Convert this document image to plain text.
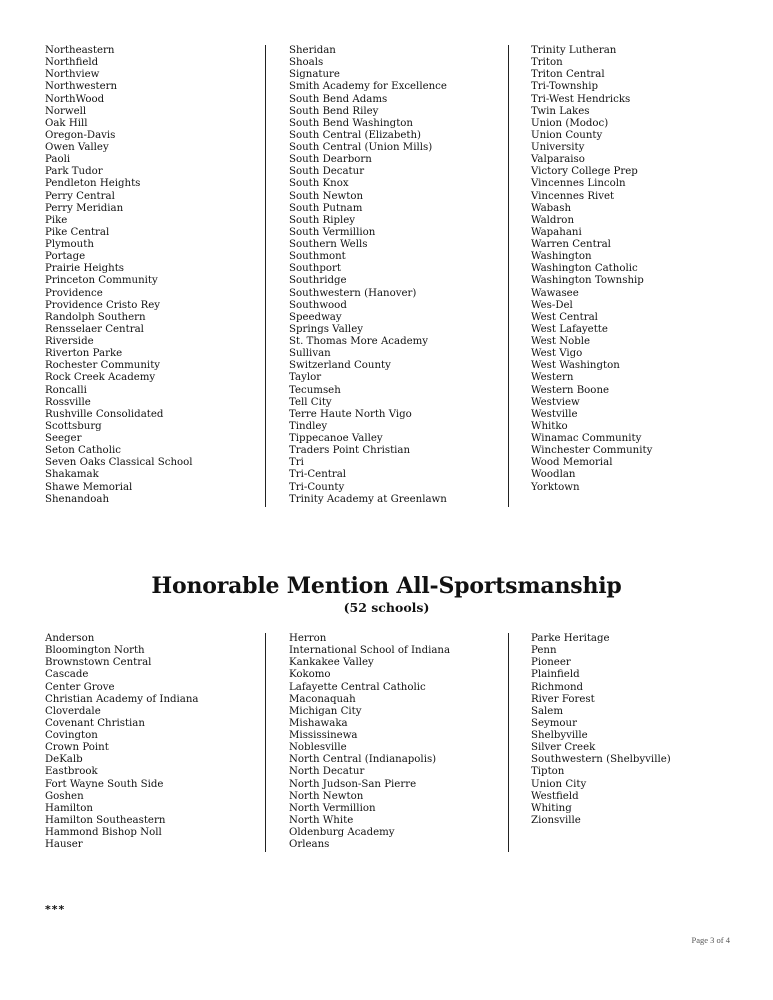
Northeastern
Northfield
Northview
Northwestern
NorthWood
Norwell
Oak Hill
Oregon-Davis
Owen Valley
Paoli
Park Tudor
Pendleton Heights
Perry Central
Perry Meridian
Pike
Pike Central
Plymouth
Portage
Prairie Heights
Princeton Community
Providence
Providence Cristo Rey
Randolph Southern
Rensselaer Central
Riverside
Riverton Parke
Rochester Community
Rock Creek Academy
Roncalli
Rossville
Rushville Consolidated
Scottsburg
Seeger
Seton Catholic
Seven Oaks Classical School
Shakamak
Shawe Memorial
Shenandoah
Sheridan
Shoals
Signature
Smith Academy for Excellence
South Bend Adams
South Bend Riley
South Bend Washington
South Central (Elizabeth)
South Central (Union Mills)
South Dearborn
South Decatur
South Knox
South Newton
South Putnam
South Ripley
South Vermillion
Southern Wells
Southmont
Southport
Southridge
Southwestern (Hanover)
Southwood
Speedway
Springs Valley
St. Thomas More Academy
Sullivan
Switzerland County
Taylor
Tecumseh
Tell City
Terre Haute North Vigo
Tindley
Tippecanoe Valley
Traders Point Christian
Tri
Tri-Central
Tri-County
Trinity Academy at Greenlawn
Trinity Lutheran
Triton
Triton Central
Tri-Township
Tri-West Hendricks
Twin Lakes
Union (Modoc)
Union County
University
Valparaiso
Victory College Prep
Vincennes Lincoln
Vincennes Rivet
Wabash
Waldron
Wapahani
Warren Central
Washington
Washington Catholic
Washington Township
Wawasee
Wes-Del
West Central
West Lafayette
West Noble
West Vigo
West Washington
Western
Western Boone
Westview
Westville
Whitko
Winamac Community
Winchester Community
Wood Memorial
Woodlan
Yorktown
Honorable Mention All-Sportsmanship
(52 schools)
Anderson
Bloomington North
Brownstown Central
Cascade
Center Grove
Christian Academy of Indiana
Cloverdale
Covenant Christian
Covington
Crown Point
DeKalb
Eastbrook
Fort Wayne South Side
Goshen
Hamilton
Hamilton Southeastern
Hammond Bishop Noll
Hauser
Herron
International School of Indiana
Kankakee Valley
Kokomo
Lafayette Central Catholic
Maconaquah
Michigan City
Mishawaka
Mississinewa
Noblesville
North Central (Indianapolis)
North Decatur
North Judson-San Pierre
North Newton
North Vermillion
North White
Oldenburg Academy
Orleans
Parke Heritage
Penn
Pioneer
Plainfield
Richmond
River Forest
Salem
Seymour
Shelbyville
Silver Creek
Southwestern (Shelbyville)
Tipton
Union City
Westfield
Whiting
Zionsville
***
Page 3 of 4
